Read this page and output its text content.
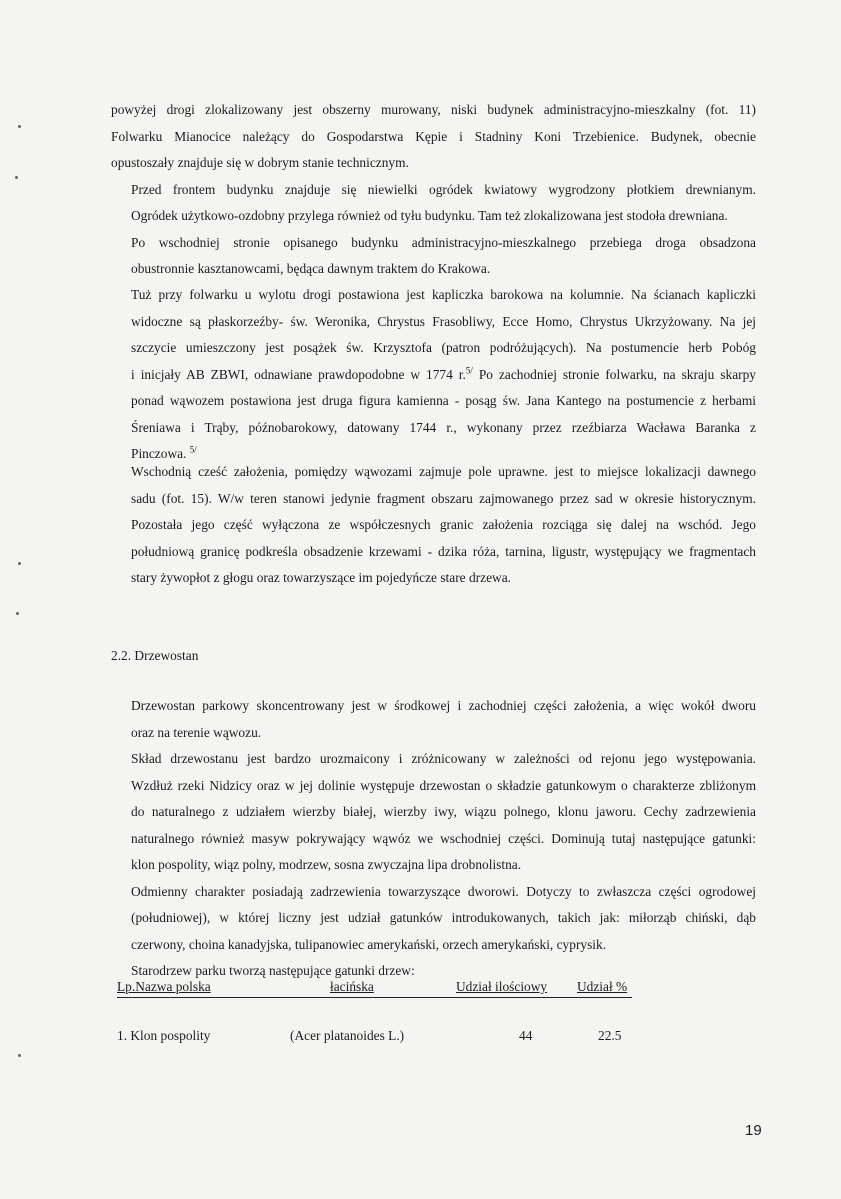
powyżej drogi zlokalizowany jest obszerny murowany, niski budynek administracyjno-mieszkalny (fot. 11)
Folwarku Mianocice należący do Gospodarstwa Kępie i Stadniny Koni Trzebienice. Budynek, obecnie
opustoszały znajduje się w dobrym stanie technicznym.

Przed frontem budynku znajduje się niewielki ogródek kwiatowy wygrodzony płotkiem drewnianym.
Ogródek użytkowo-ozdobny przylega również od tyłu budynku. Tam też zlokalizowana jest stodoła drewniana.

Po wschodniej stronie opisanego budynku administracyjno-mieszkalnego przebiega droga obsadzona
obustronnie kasztanowcami, będąca dawnym traktem do Krakowa.

Tuż przy folwarku u wylotu drogi postawiona jest kapliczka barokowa na kolumnie. Na ścianach kapliczki
widoczne są płaskorzeźby- św. Weronika, Chrystus Frasobliwy, Ecce Homo, Chrystus Ukrzyżowany. Na jej
szczycie umieszczony jest posążek św. Krzysztofa (patron podróżujących). Na postumencie herb Pobóg
i inicjały AB ZBWI, odnawiane prawdopodobne w 1774 r.$^{5/}$ Po zachodniej stronie folwarku, na skraju skarpy
ponad wąwozem postawiona jest druga figura kamienna - posąg św. Jana Kantego na postumencie z herbami
Śreniawa i Trąby, późnobarokowy, datowany 1744 r., wykonany przez rzeźbiarza Wacława Baranka z
Pinczowa. $^{5/}$

Wschodnią cześć założenia, pomiędzy wąwozami zajmuje pole uprawne. jest to miejsce lokalizacji dawnego
sadu (fot. 15). W/w teren stanowi jedynie fragment obszaru zajmowanego przez sad w okresie historycznym.
Pozostała jego część wyłączona ze współczesnych granic założenia rozciąga się dalej na wschód. Jego
południową granicę podkreśla obsadzenie krzewami - dzika róża, tarnina, ligustr, występujący we fragmentach
stary żywopłot z głogu oraz towarzyszące im pojedyńcze stare drzewa.

2.2. Drzewostan

Drzewostan parkowy skoncentrowany jest w środkowej i zachodniej części założenia, a więc wokół dworu
oraz na terenie wąwozu.

Skład drzewostanu jest bardzo urozmaicony i zróżnicowany w zależności od rejonu jego występowania.
Wzdłuż rzeki Nidzicy oraz w jej dolinie występuje drzewostan o składzie gatunkowym o charakterze zbliżonym
do naturalnego z udziałem wierzby białej, wierzby iwy, wiązu polnego, klonu jaworu. Cechy zadrzewienia
naturalnego również masyw pokrywający wąwóz we wschodniej części. Dominują tutaj następujące gatunki:
klon pospolity, wiąz polny, modrzew, sosna zwyczajna lipa drobnolistna.

Odmienny charakter posiadają zadrzewienia towarzyszące dworowi. Dotyczy to zwłaszcza części ogrodowej
(południowej), w której liczny jest udział gatunków introdukowanych, takich jak: miłorząb chiński, dąb
czerwony, choina kanadyjska, tulipanowiec amerykański, orzech amerykański, cyprysik.

Starodrzew parku tworzą następujące gatunki drzew:

Lp.Nazwa polska	łacińska	Udział ilościowy Udział %
1. Klon pospolity	(Acer platanoides L.)	44	22.5
19
